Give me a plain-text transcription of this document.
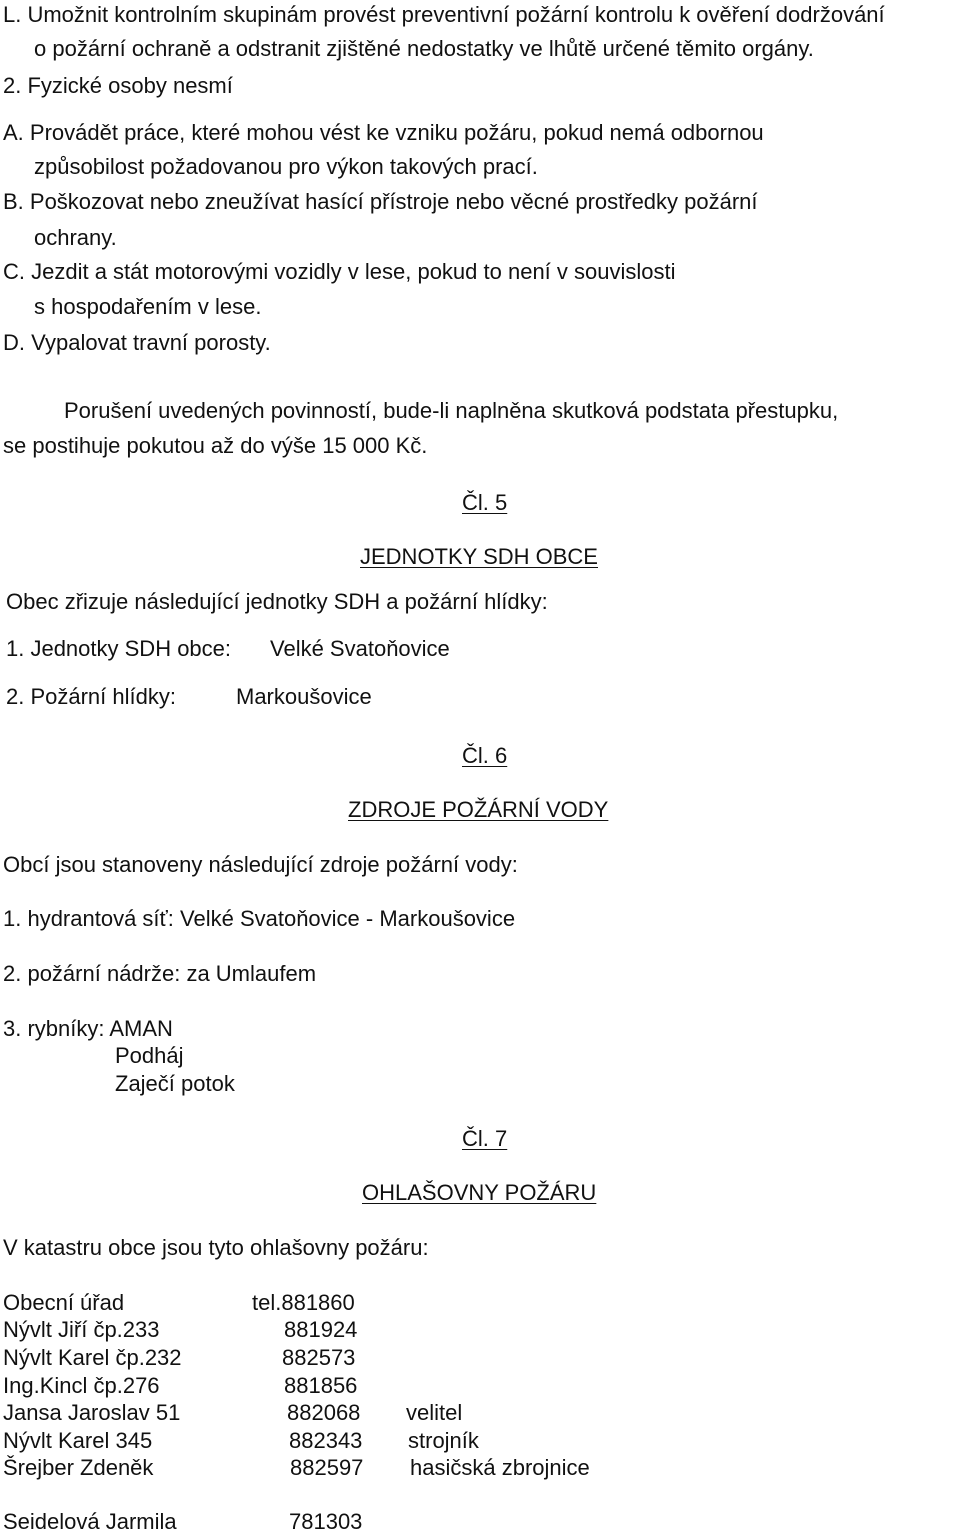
L. Umožnit kontrolním skupinám provést preventivní požární kontrolu k ověření dodržování
o požární ochraně a odstranit zjištěné nedostatky ve lhůtě určené těmito orgány.
2. Fyzické osoby nesmí
A. Provádět práce, které mohou vést ke vzniku požáru, pokud nemá odbornou
způsobilost požadovanou pro výkon takových prací.
B. Poškozovat nebo zneužívat hasící přístroje nebo věcné prostředky požární
ochrany.
C. Jezdit a stát motorovými vozidly v lese, pokud to není v souvislosti
s hospodařením v lese.
D. Vypalovat travní porosty.
Porušení uvedených povinností, bude-li naplněna skutková podstata přestupku,
se postihuje pokutou až do výše 15 000 Kč.
Čl. 5
JEDNOTKY SDH OBCE
Obec zřizuje následující jednotky SDH a požární hlídky:
1. Jednotky SDH obce: Velké Svatoňovice
2. Požární hlídky:	Markoušovice
Čl. 6
ZDROJE POŽÁRNÍ VODY
Obcí jsou stanoveny následující zdroje požární vody:
1. hydrantová síť: Velké Svatoňovice - Markoušovice
2. požární nádrže: za Umlaufem
3. rybníky: AMAN
Podháj
Zaječí potok
Čl. 7
OHLAŠOVNY POŽÁRU
V katastru obce jsou tyto ohlašovny požáru:
Obecní úřad	tel.881860
Nývlt Jiří čp.233	881924
Nývlt Karel čp.232	882573
Ing.Kincl čp.276	881856
Jansa Jaroslav 51	882068 velitel
Nývlt Karel 345	882343 strojník
Šrejber Zdeněk	882597 hasičská zbrojnice
Seidelová Jarmila	781303
